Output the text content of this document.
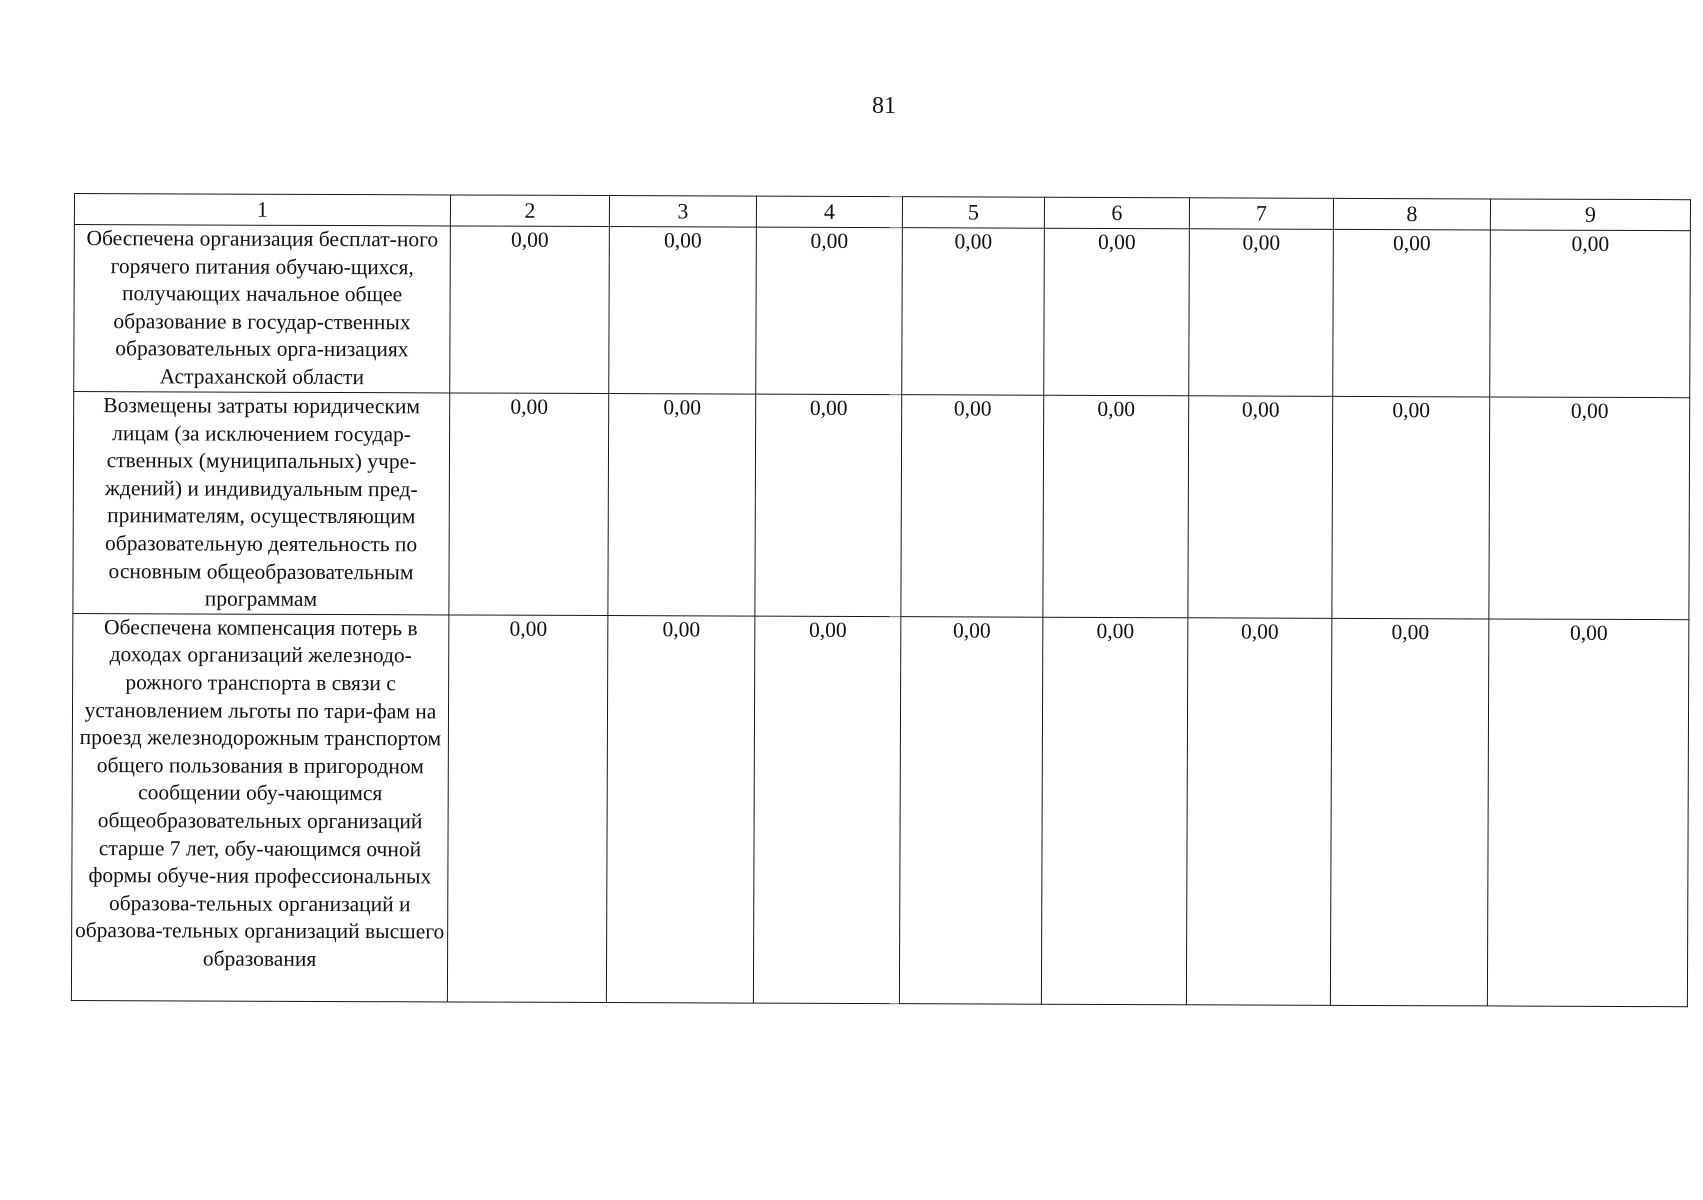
81
1	2	3	4	5	6	7	8	9
Обеспечена организация бесплат-ного горячего питания обучаю-щихся, получающих начальное общее образование в государ-ственных образовательных орга-низациях Астраханской области	0,00	0,00	0,00	0,00	0,00	0,00	0,00	0,00
Возмещены затраты юридическим лицам (за исключением государ-ственных (муниципальных) учре-ждений) и индивидуальным пред-принимателям, осуществляющим образовательную деятельность по основным общеобразовательным программам	0,00	0,00	0,00	0,00	0,00	0,00	0,00	0,00
Обеспечена компенсация потерь в доходах организаций железнодо-рожного транспорта в связи с установлением льготы по тари-фам на проезд железнодорожным транспортом общего пользования в пригородном сообщении обу-чающимся общеобразовательных организаций старше 7 лет, обу-чающимся очной формы обуче-ния профессиональных образова-тельных организаций и образова-тельных организаций высшего образования	0,00	0,00	0,00	0,00	0,00	0,00	0,00	0,00
